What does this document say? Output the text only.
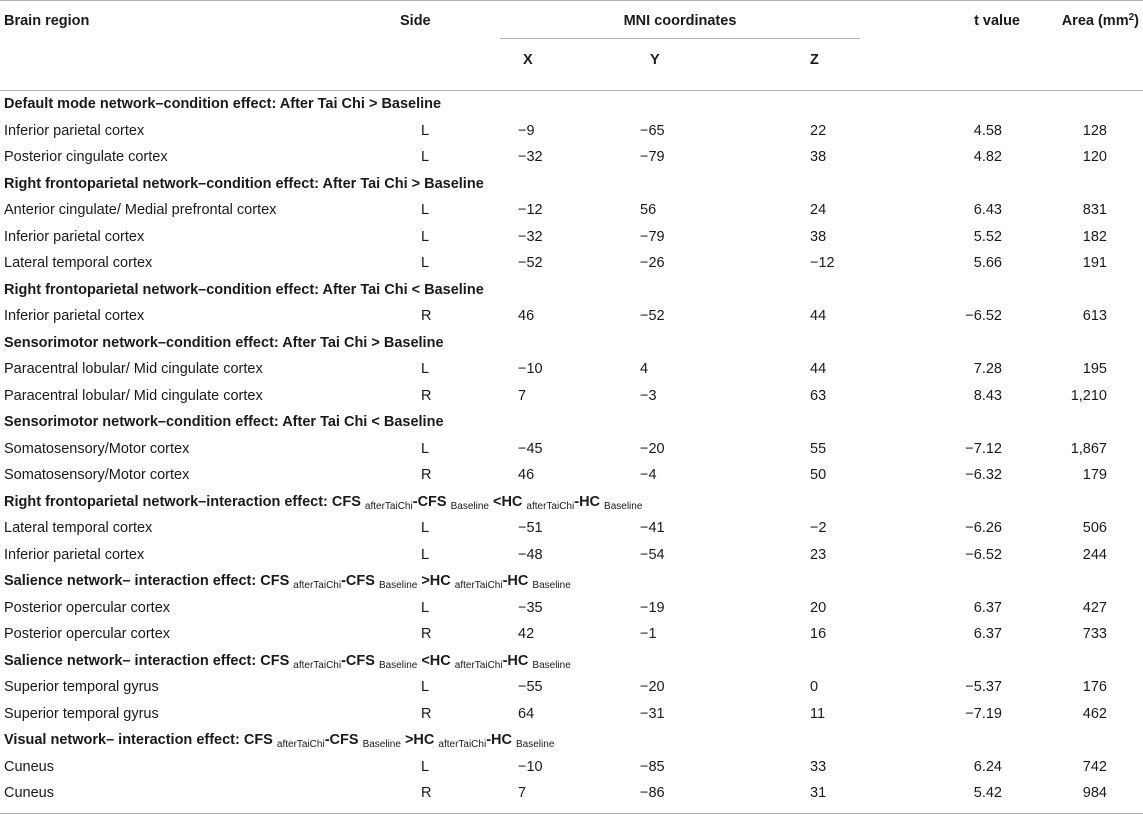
Brain region	Side	MNI coordinates			t value	Area $(mm^2)$
		X	Y	Z		

Default mode network–condition effect: After Tai Chi > Baseline						
Inferior parietal cortex	L	−9	−65	22	4.58	128
Posterior cingulate cortex	L	−32	−79	38	4.82	120
Right frontoparietal network–condition effect: After Tai Chi > Baseline						
Anterior cingulate/ Medial prefrontal cortex	L	−12	56	24	6.43	831
Inferior parietal cortex	L	−32	−79	38	5.52	182
Lateral temporal cortex	L	−52	−26	−12	5.66	191
Right frontoparietal network–condition effect: After Tai Chi < Baseline						
Inferior parietal cortex	R	46	−52	44	−6.52	613
Sensorimotor network–condition effect: After Tai Chi > Baseline						
Paracentral lobular/ Mid cingulate cortex	L	−10	4	44	7.28	195
Paracentral lobular/ Mid cingulate cortex	R	7	−3	63	8.43	1,210
Sensorimotor network–condition effect: After Tai Chi < Baseline						
Somatosensory/Motor cortex	L	−45	−20	55	−7.12	1,867
Somatosensory/Motor cortex	R	46	−4	50	−6.32	179
Right frontoparietal network–interaction effect: CFS $_{afterTaiChi}$-CFS $_{Baseline}$ <HC $_{afterTaiChi}$-HC $_{Baseline}$
Lateral temporal cortex	L	−51	−41	−2	−6.26	506
Inferior parietal cortex	L	−48	−54	23	−6.52	244
Salience network– interaction effect: CFS $_{afterTaiChi}$-CFS $_{Baseline}$ >HC $_{afterTaiChi}$-HC $_{Baseline}$
Posterior opercular cortex	L	−35	−19	20	6.37	427
Posterior opercular cortex	R	42	−1	16	6.37	733
Salience network– interaction effect: CFS $_{afterTaiChi}$-CFS $_{Baseline}$ <HC $_{afterTaiChi}$-HC $_{Baseline}$
Superior temporal gyrus	L	−55	−20	0	−5.37	176
Superior temporal gyrus	R	64	−31	11	−7.19	462
Visual network– interaction effect: CFS $_{afterTaiChi}$-CFS $_{Baseline}$ >HC $_{afterTaiChi}$-HC $_{Baseline}$
Cuneus	L	−10	−85	33	6.24	742
Cuneus	R	7	−86	31	5.42	984
